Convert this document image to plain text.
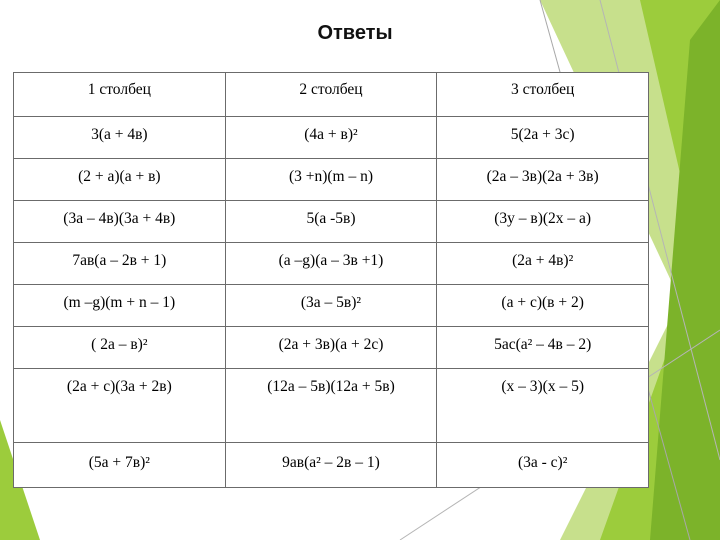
Ответы
1 столбец	2 столбец	3 столбец
3(а + 4в)	(4а + в)²	5(2а + 3с)
(2 + а)(а + в)	(3 +n)(m – n)	(2а – 3в)(2а + 3в)
(3а – 4в)(3а + 4в)	5(а -5в)	(3у – в)(2х – а)
7ав(а – 2в + 1)	(а –g)(а – 3в +1)	(2а + 4в)²
(m –g)(m + n – 1)	(3а – 5в)²	(а + с)(в + 2)
( 2а – в)²	(2а + 3в)(а + 2с)	5ас(а² – 4в – 2)
(2а + с)(3а + 2в)	(12а – 5в)(12а + 5в)	(х – 3)(х – 5)
(5а + 7в)²	9ав(а² – 2в – 1)	(3а - с)²
